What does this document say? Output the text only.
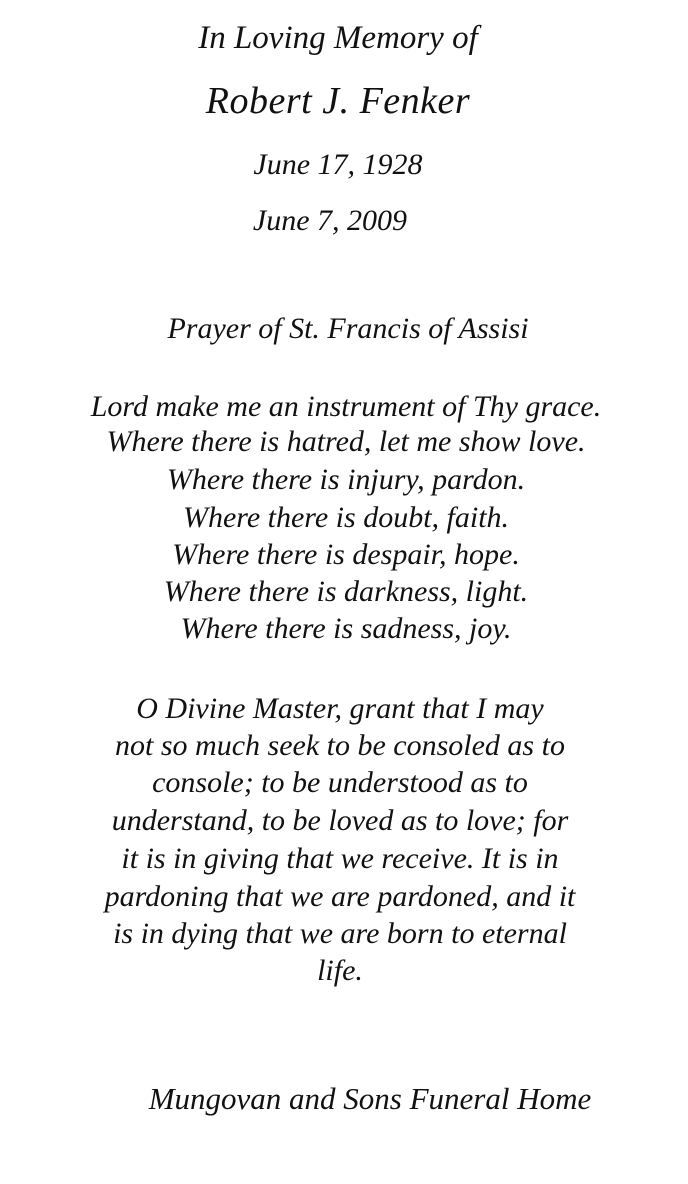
In Loving Memory of
Robert J. Fenker
June 17, 1928
June 7, 2009
Prayer of St. Francis of Assisi
Lord make me an instrument of Thy grace.
Where there is hatred, let me show love.
Where there is injury, pardon.
Where there is doubt, faith.
Where there is despair, hope.
Where there is darkness, light.
Where there is sadness, joy.
O Divine Master, grant that I may
not so much seek to be consoled as to
console; to be understood as to
understand, to be loved as to love; for
it is in giving that we receive. It is in
pardoning that we are pardoned, and it
is in dying that we are born to eternal
life.
Mungovan and Sons Funeral Home
